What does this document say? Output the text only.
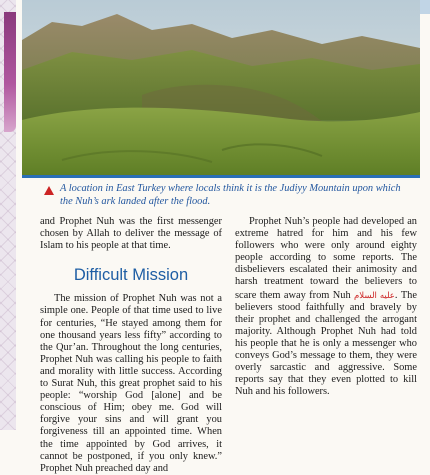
A location in East Turkey where locals think it is the Judiyy Mountain upon which the Nuh’s ark landed after the flood.

and Prophet Nuh was the first messenger chosen by Allah to deliver the message of Islam to his people at that time.

Difficult Mission

The mission of Prophet Nuh was not a simple one. People of that time used to live for centuries, “He stayed among them for one thousand years less fifty” according to the Qur’an. Throughout the long centuries, Prophet Nuh was calling his people to faith and morality with little success. According to Surat Nuh, this great prophet said to his people: “worship God [alone] and be conscious of Him; obey me. God will forgive your sins and will grant you forgiveness till an appointed time. When the time appointed by God arrives, it cannot be postponed, if you only knew.” Prophet Nuh preached day and

Prophet Nuh’s people had developed an extreme hatred for him and his few followers who were only around eighty people according to some reports. The disbelievers escalated their animosity and harsh treatment toward the believers to scare them away from Nuh عليه السلام. The believers stood faithfully and bravely by their prophet and challenged the arrogant majority. Although Prophet Nuh had told his people that he is only a messenger who conveys God’s message to them, they were overly sarcastic and aggressive. Some reports say that they even plotted to kill Nuh and his followers.
